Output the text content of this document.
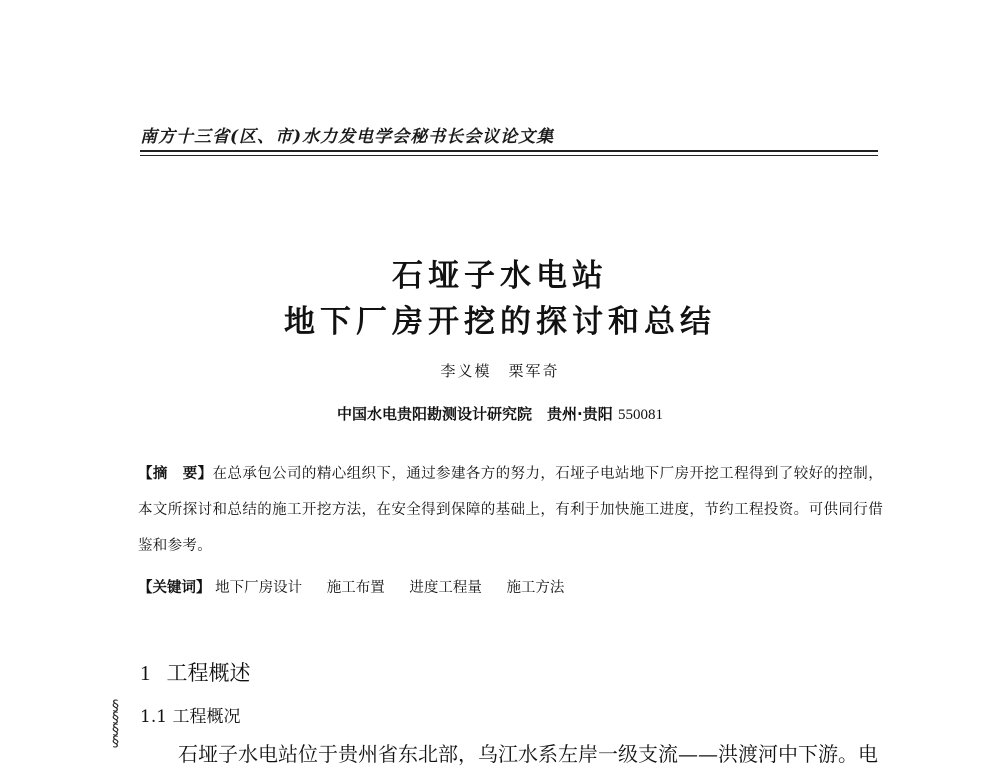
南方十三省(区、市)水力发电学会秘书长会议论文集
石垭子水电站
地下厂房开挖的探讨和总结
李义模　栗军奇
中国水电贵阳勘测设计研究院　贵州·贵阳 550081
【摘　要】在总承包公司的精心组织下，通过参建各方的努力，石垭子电站地下厂房开挖工程得到了较好的控制，本文所探讨和总结的施工开挖方法，在安全得到保障的基础上，有利于加快施工进度，节约工程投资。可供同行借鉴和参考。
【关键词】 地下厂房设计 施工布置 进度工程量 施工方法
1 工程概述
§
§
§
§
1.1 工程概况
石垭子水电站位于贵州省东北部，乌江水系左岸一级支流——洪渡河中下游。电
